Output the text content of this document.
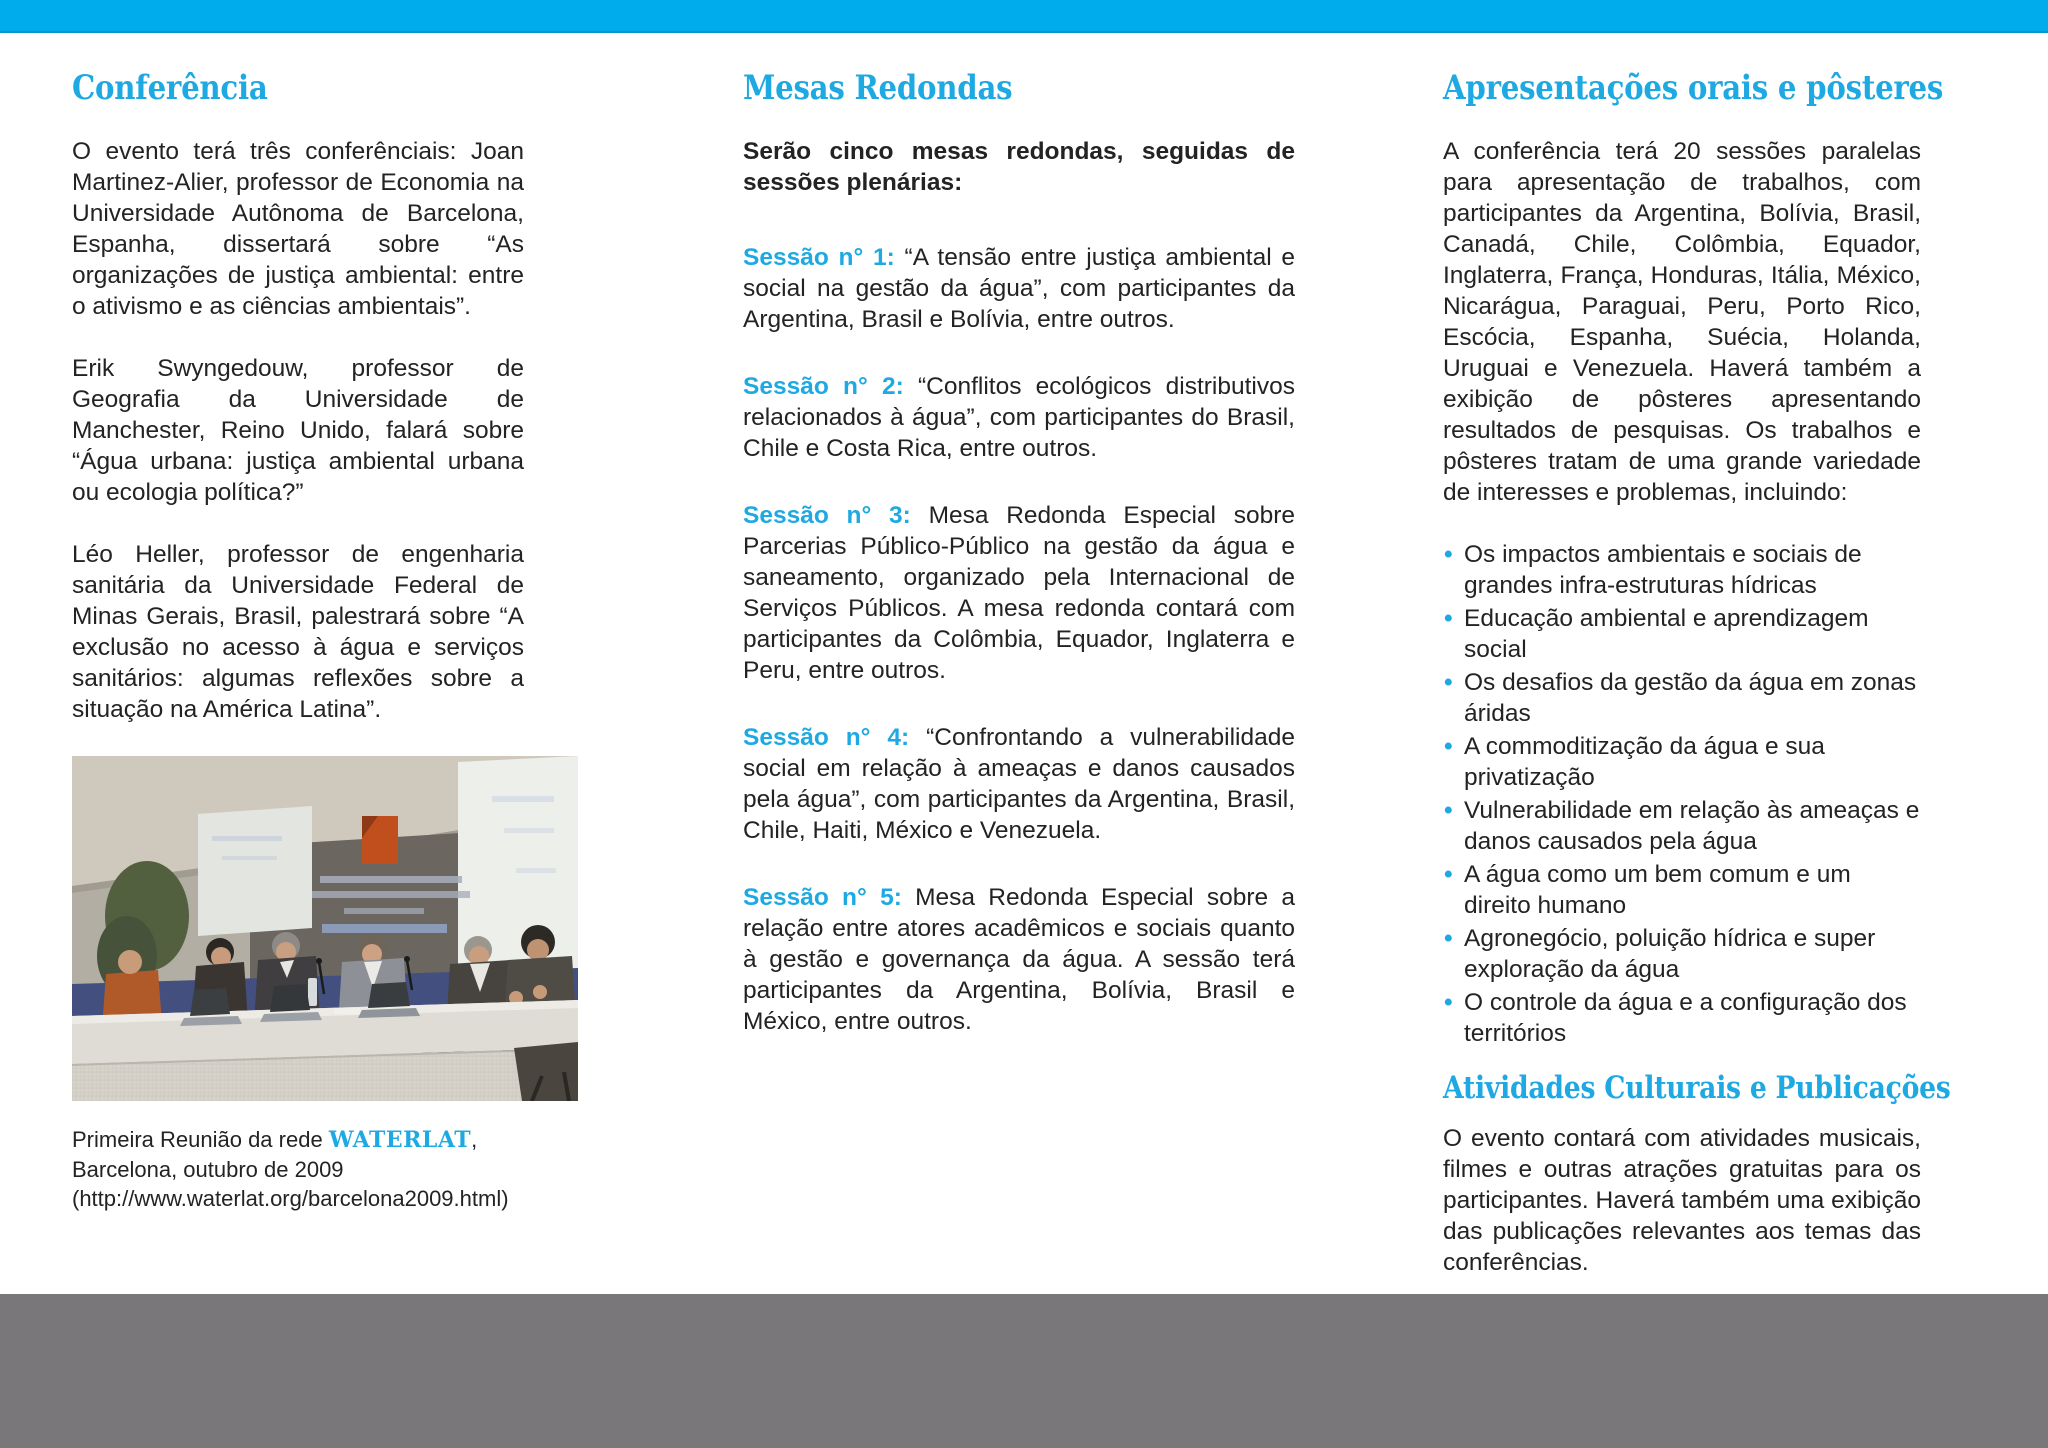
Conferência

O evento terá três conferênciais: Joan Martinez-Alier, professor de Economia na Universidade Autônoma de Barcelona, Espanha, dissertará sobre “As organizações de justiça ambiental: entre o ativismo e as ciências ambientais”.

Erik Swyngedouw, professor de Geografia da Universidade de Manchester, Reino Unido, falará sobre “Água urbana: justiça ambiental urbana ou ecologia política?”

Léo Heller, professor de engenharia sanitária da Universidade Federal de Minas Gerais, Brasil, palestrará sobre “A exclusão no acesso à água e serviços sanitários: algumas reflexões sobre a situação na América Latina”.

Primeira Reunião da rede WATERLAT, Barcelona, outubro de 2009
(http://www.waterlat.org/barcelona2009.html)

Mesas Redondas

Serão cinco mesas redondas, seguidas de sessões plenárias:

Sessão n° 1: “A tensão entre justiça ambiental e social na gestão da água”, com participantes da Argentina, Brasil e Bolívia, entre outros.

Sessão n° 2: “Conflitos ecológicos distributivos relacionados à água”, com participantes do Brasil, Chile e Costa Rica, entre outros.

Sessão n° 3: Mesa Redonda Especial sobre Parcerias Público-Público na gestão da água e saneamento, organizado pela Internacional de Serviços Públicos. A mesa redonda contará com participantes da Colômbia, Equador, Inglaterra e Peru, entre outros.

Sessão n° 4: “Confrontando a vulnerabilidade social em relação à ameaças e danos causados pela água”, com participantes da Argentina, Brasil, Chile, Haiti, México e Venezuela.

Sessão n° 5: Mesa Redonda Especial sobre a relação entre atores acadêmicos e sociais quanto à gestão e governança da água. A sessão terá participantes da Argentina, Bolívia, Brasil e México, entre outros.

Apresentações orais e pôsteres

A conferência terá 20 sessões paralelas para apresentação de trabalhos, com participantes da Argentina, Bolívia, Brasil, Canadá, Chile, Colômbia, Equador, Inglaterra, França, Honduras, Itália, México, Nicarágua, Paraguai, Peru, Porto Rico, Escócia, Espanha, Suécia, Holanda, Uruguai e Venezuela. Haverá também a exibição de pôsteres apresentando resultados de pesquisas. Os trabalhos e pôsteres tratam de uma grande variedade de interesses e problemas, incluindo:

• Os impactos ambientais e sociais de grandes infra-estruturas hídricas
• Educação ambiental e aprendizagem social
• Os desafios da gestão da água em zonas áridas
• A commoditização da água e sua privatização
• Vulnerabilidade em relação às ameaças e danos causados pela água
• A água como um bem comum e um direito humano
• Agronegócio, poluição hídrica e super exploração da água
• O controle da água e a configuração dos territórios
Atividades Culturais e Publicações

O evento contará com atividades musicais, filmes e outras atrações gratuitas para os participantes. Haverá também uma exibição das publicações relevantes aos temas das conferências.
